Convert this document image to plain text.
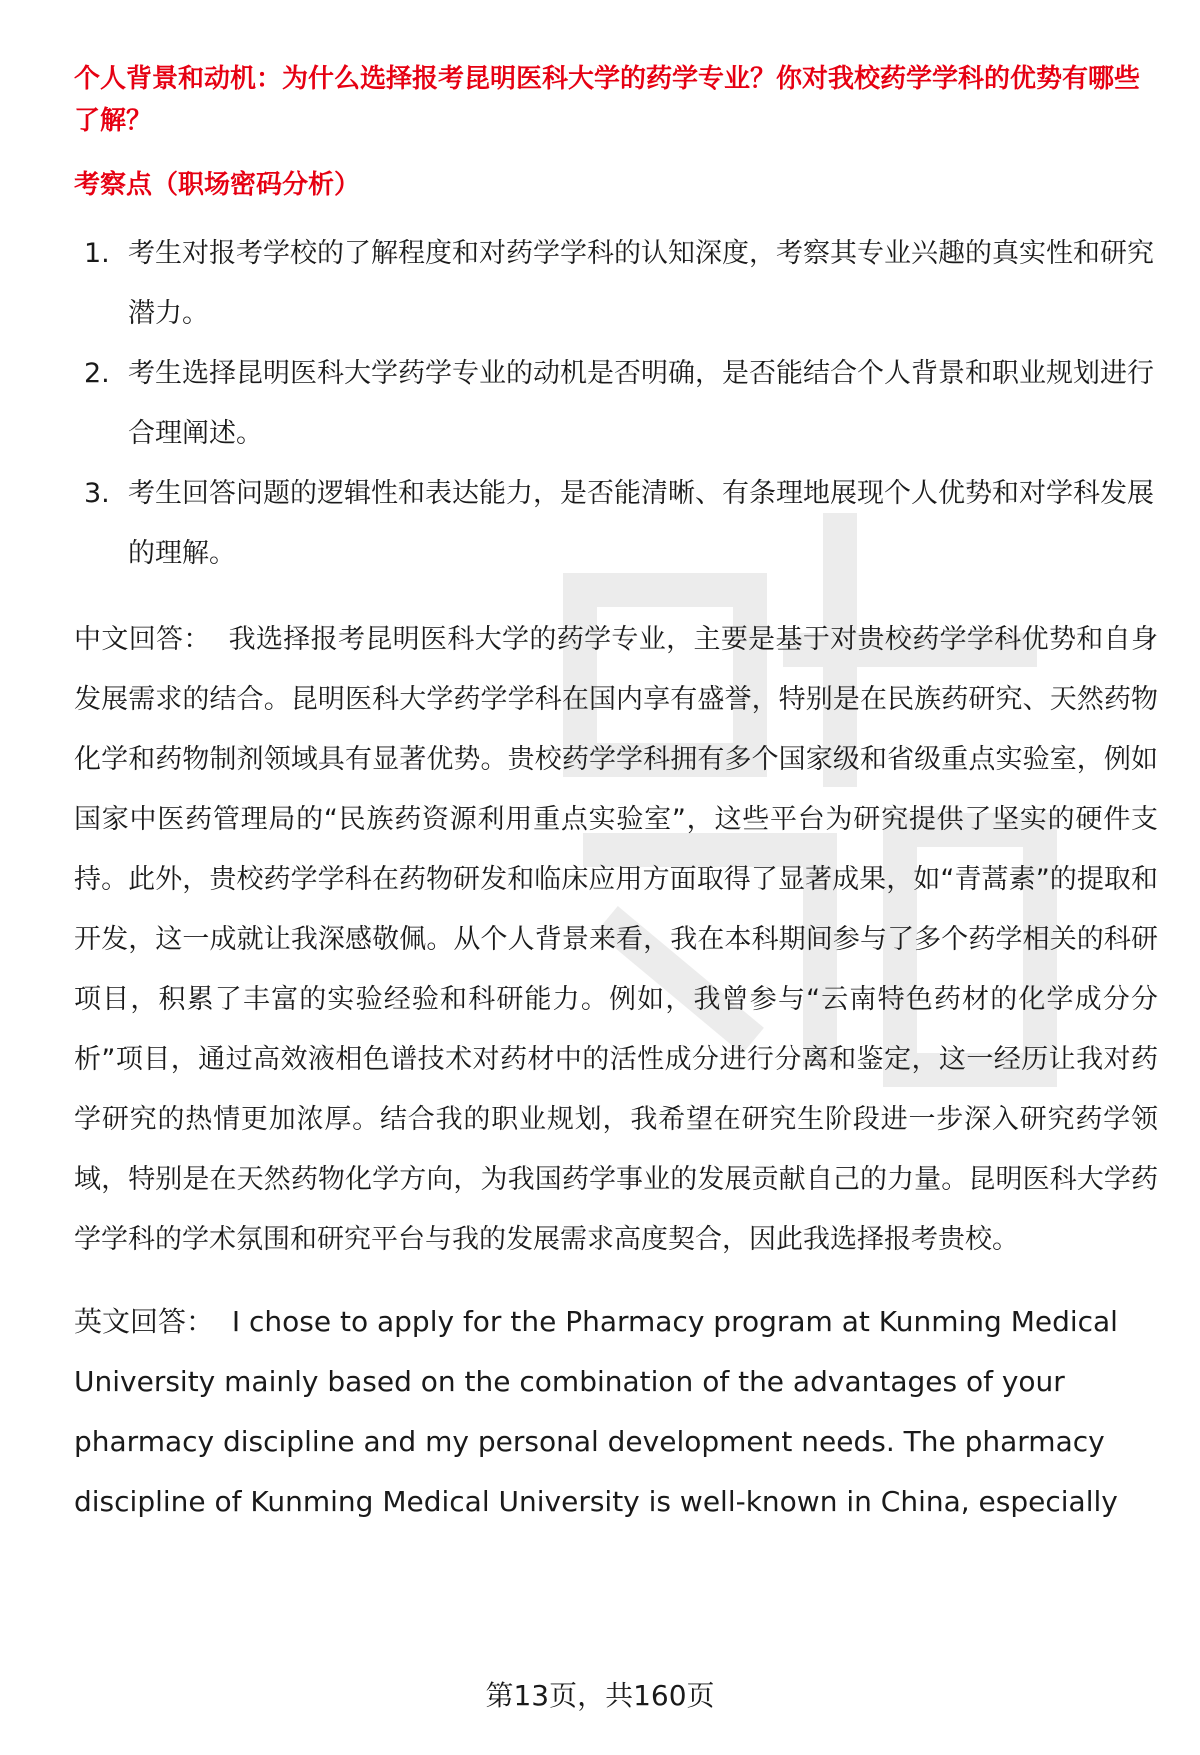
个人背景和动机：为什么选择报考昆明医科大学的药学专业？你对我校药学学科的优势有哪些了解？
考察点（职场密码分析）
1. 考生对报考学校的了解程度和对药学学科的认知深度，考察其专业兴趣的真实性和研究潜力。
2. 考生选择昆明医科大学药学专业的动机是否明确，是否能结合个人背景和职业规划进行合理阐述。
3. 考生回答问题的逻辑性和表达能力，是否能清晰、有条理地展现个人优势和对学科发展的理解。

中文回答： 我选择报考昆明医科大学的药学专业，主要是基于对贵校药学学科优势和自身发展需求的结合。昆明医科大学药学学科在国内享有盛誉，特别是在民族药研究、天然药物化学和药物制剂领域具有显著优势。贵校药学学科拥有多个国家级和省级重点实验室，例如国家中医药管理局的“民族药资源利用重点实验室”，这些平台为研究提供了坚实的硬件支持。此外，贵校药学学科在药物研发和临床应用方面取得了显著成果，如“青蒿素”的提取和开发，这一成就让我深感敬佩。从个人背景来看，我在本科期间参与了多个药学相关的科研项目，积累了丰富的实验经验和科研能力。例如，我曾参与“云南特色药材的化学成分分析”项目，通过高效液相色谱技术对药材中的活性成分进行分离和鉴定，这一经历让我对药学研究的热情更加浓厚。结合我的职业规划，我希望在研究生阶段进一步深入研究药学领域，特别是在天然药物化学方向，为我国药学事业的发展贡献自己的力量。昆明医科大学药学学科的学术氛围和研究平台与我的发展需求高度契合，因此我选择报考贵校。

英文回答： I chose to apply for the Pharmacy program at Kunming Medical University mainly based on the combination of the advantages of your pharmacy discipline and my personal development needs. The pharmacy discipline of Kunming Medical University is well-known in China, especially

第13页，共160页
